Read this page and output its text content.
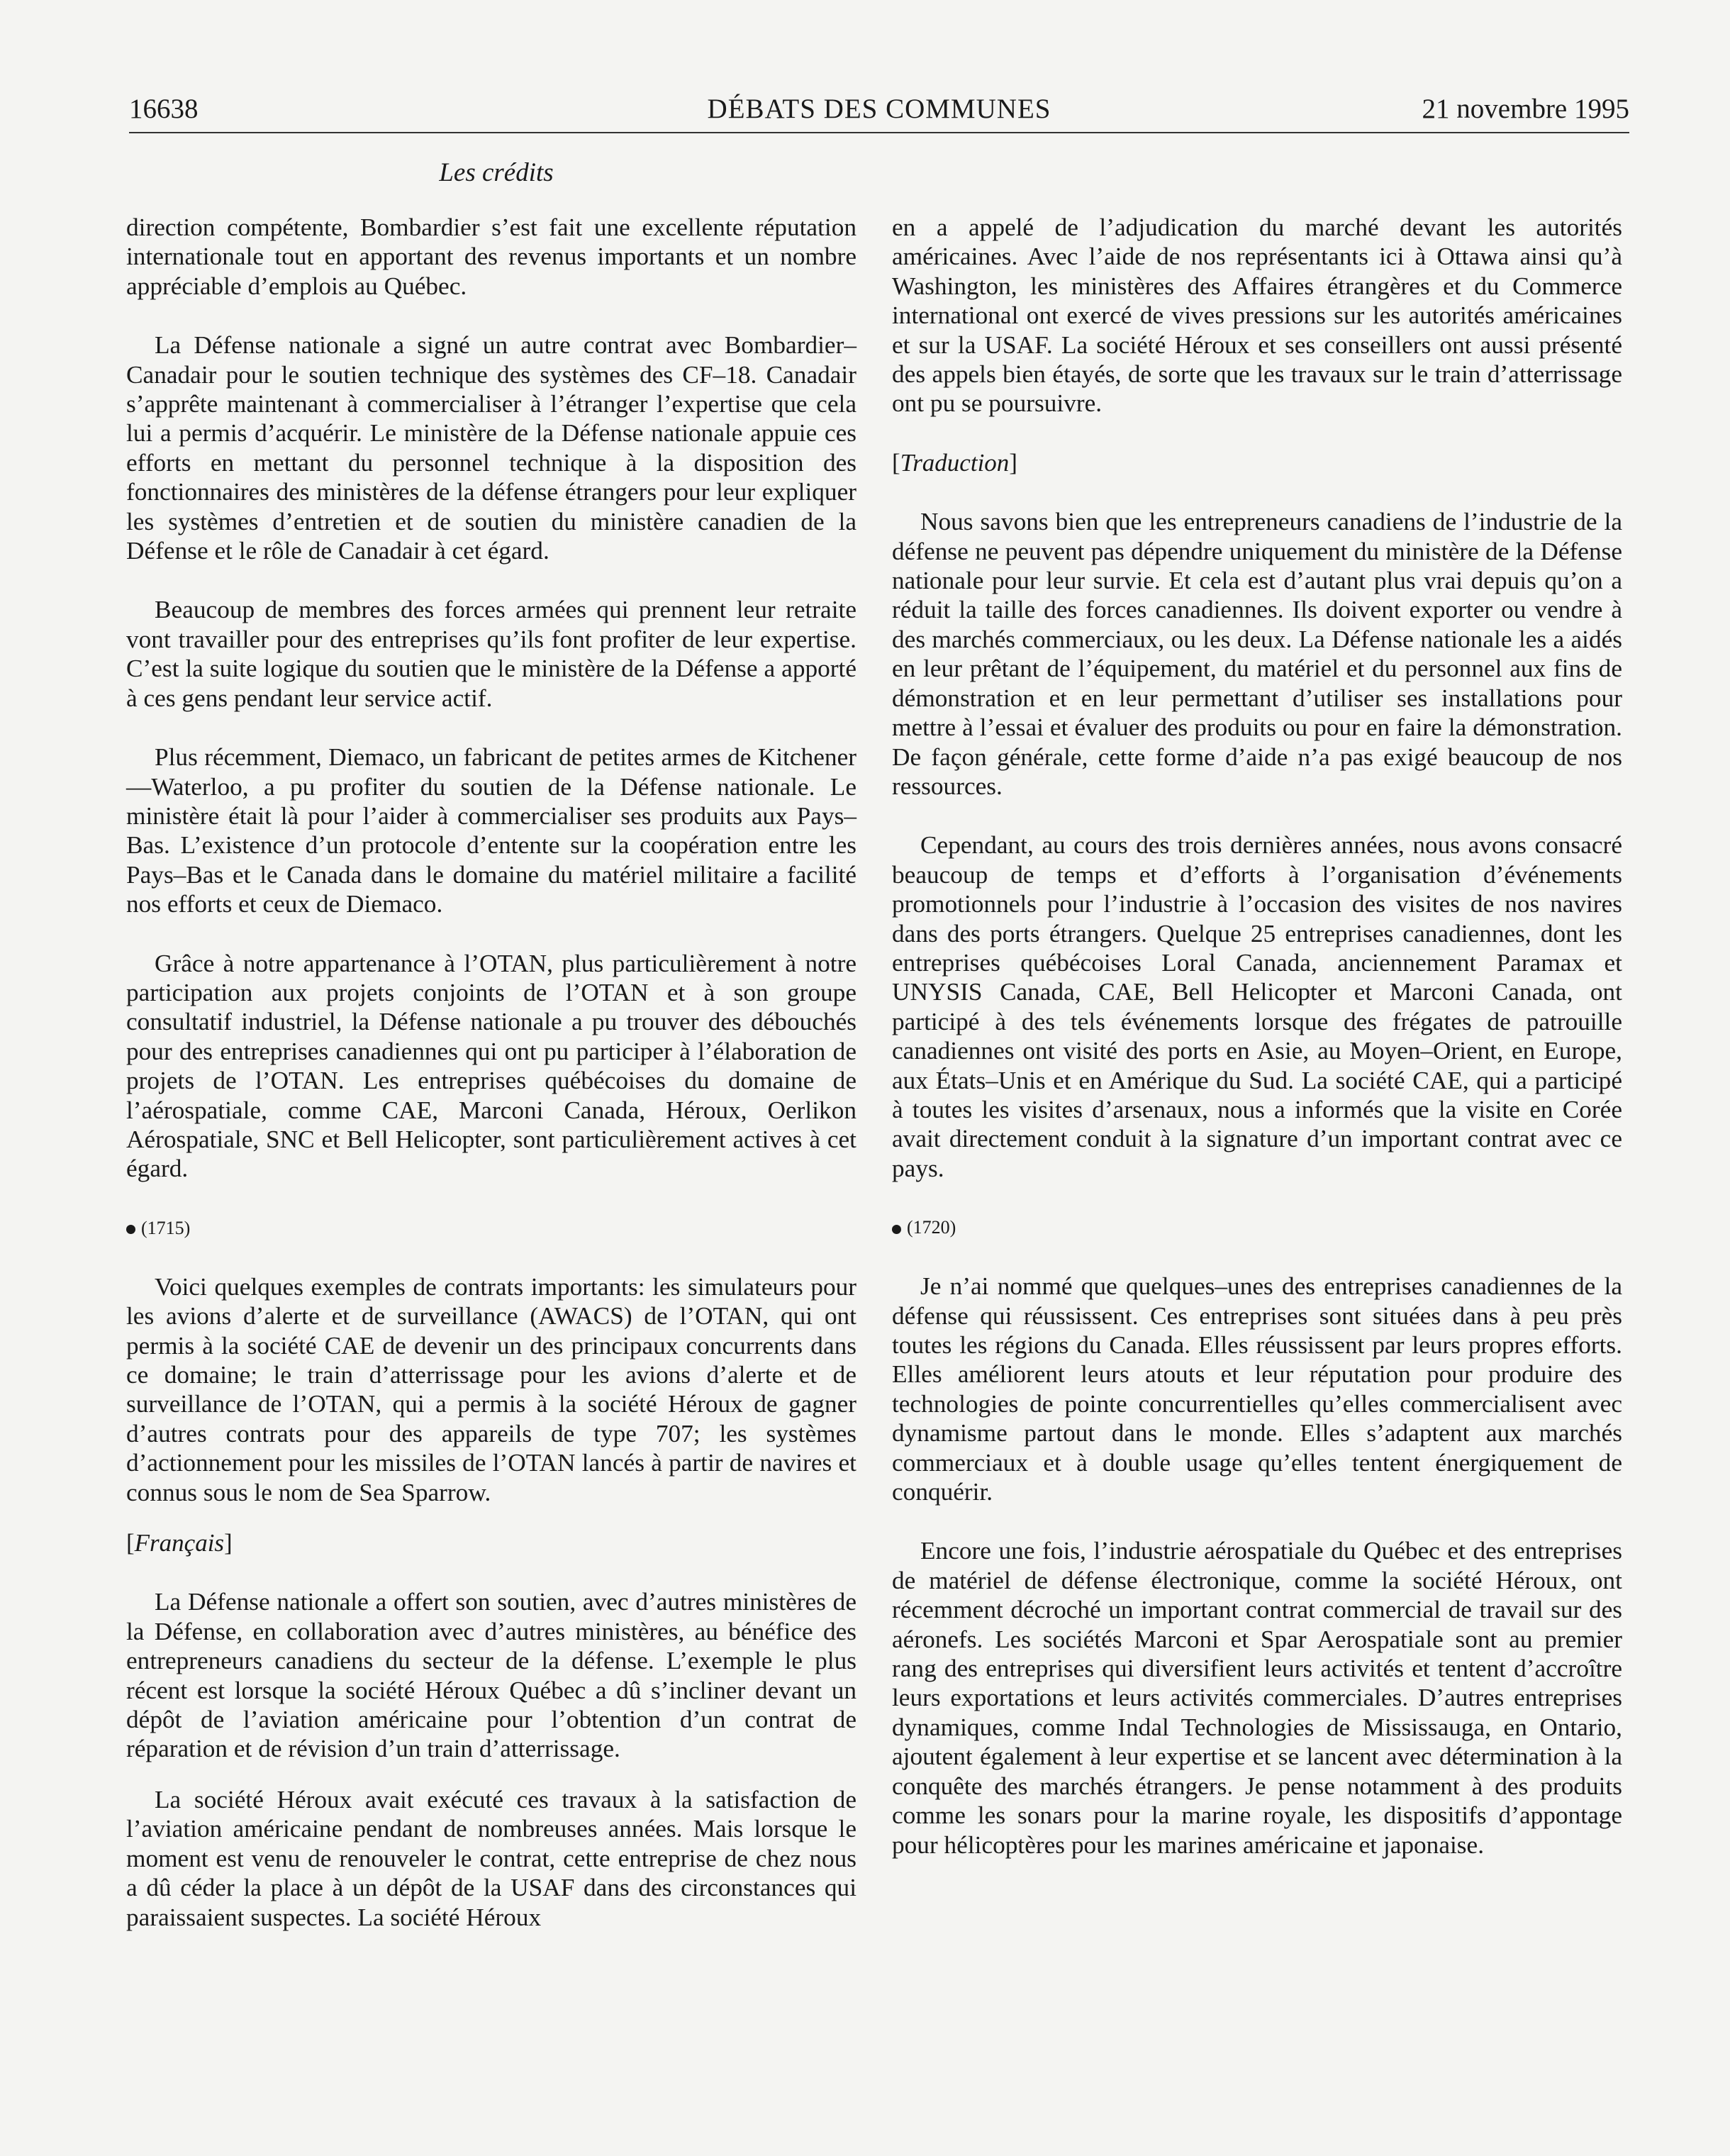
16638	DÉBATS DES COMMUNES	21 novembre 1995
Les crédits

direction compétente, Bombardier s’est fait une excellente réputation internationale tout en apportant des revenus importants et un nombre appréciable d’emplois au Québec.

La Défense nationale a signé un autre contrat avec Bombardier–Canadair pour le soutien technique des systèmes des CF–18. Canadair s’apprête maintenant à commercialiser à l’étranger l’expertise que cela lui a permis d’acquérir. Le ministère de la Défense nationale appuie ces efforts en mettant du personnel technique à la disposition des fonctionnaires des ministères de la défense étrangers pour leur expliquer les systèmes d’entretien et de soutien du ministère canadien de la Défense et le rôle de Canadair à cet égard.

Beaucoup de membres des forces armées qui prennent leur retraite vont travailler pour des entreprises qu’ils font profiter de leur expertise. C’est la suite logique du soutien que le ministère de la Défense a apporté à ces gens pendant leur service actif.

Plus récemment, Diemaco, un fabricant de petites armes de Kitchener—Waterloo, a pu profiter du soutien de la Défense nationale. Le ministère était là pour l’aider à commercialiser ses produits aux Pays–Bas. L’existence d’un protocole d’entente sur la coopération entre les Pays–Bas et le Canada dans le domaine du matériel militaire a facilité nos efforts et ceux de Diemaco.

Grâce à notre appartenance à l’OTAN, plus particulièrement à notre participation aux projets conjoints de l’OTAN et à son groupe consultatif industriel, la Défense nationale a pu trouver des débouchés pour des entreprises canadiennes qui ont pu participer à l’élaboration de projets de l’OTAN. Les entreprises québécoises du domaine de l’aérospatiale, comme CAE, Marconi Canada, Héroux, Oerlikon Aérospatiale, SNC et Bell Helicopter, sont particulièrement actives à cet égard.

(1715)

Voici quelques exemples de contrats importants: les simulateurs pour les avions d’alerte et de surveillance (AWACS) de l’OTAN, qui ont permis à la société CAE de devenir un des principaux concurrents dans ce domaine; le train d’atterrissage pour les avions d’alerte et de surveillance de l’OTAN, qui a permis à la société Héroux de gagner d’autres contrats pour des appareils de type 707; les systèmes d’actionnement pour les missiles de l’OTAN lancés à partir de navires et connus sous le nom de Sea Sparrow.

[Français]

La Défense nationale a offert son soutien, avec d’autres ministères de la Défense, en collaboration avec d’autres ministères, au bénéfice des entrepreneurs canadiens du secteur de la défense. L’exemple le plus récent est lorsque la société Héroux Québec a dû s’incliner devant un dépôt de l’aviation américaine pour l’obtention d’un contrat de réparation et de révision d’un train d’atterrissage.

La société Héroux avait exécuté ces travaux à la satisfaction de l’aviation américaine pendant de nombreuses années. Mais lorsque le moment est venu de renouveler le contrat, cette entreprise de chez nous a dû céder la place à un dépôt de la USAF dans des circonstances qui paraissaient suspectes. La société Héroux

en a appelé de l’adjudication du marché devant les autorités américaines. Avec l’aide de nos représentants ici à Ottawa ainsi qu’à Washington, les ministères des Affaires étrangères et du Commerce international ont exercé de vives pressions sur les autorités américaines et sur la USAF. La société Héroux et ses conseillers ont aussi présenté des appels bien étayés, de sorte que les travaux sur le train d’atterrissage ont pu se poursuivre.

[Traduction]

Nous savons bien que les entrepreneurs canadiens de l’industrie de la défense ne peuvent pas dépendre uniquement du ministère de la Défense nationale pour leur survie. Et cela est d’autant plus vrai depuis qu’on a réduit la taille des forces canadiennes. Ils doivent exporter ou vendre à des marchés commerciaux, ou les deux. La Défense nationale les a aidés en leur prêtant de l’équipement, du matériel et du personnel aux fins de démonstration et en leur permettant d’utiliser ses installations pour mettre à l’essai et évaluer des produits ou pour en faire la démonstration. De façon générale, cette forme d’aide n’a pas exigé beaucoup de nos ressources.

Cependant, au cours des trois dernières années, nous avons consacré beaucoup de temps et d’efforts à l’organisation d’événements promotionnels pour l’industrie à l’occasion des visites de nos navires dans des ports étrangers. Quelque 25 entreprises canadiennes, dont les entreprises québécoises Loral Canada, anciennement Paramax et UNYSIS Canada, CAE, Bell Helicopter et Marconi Canada, ont participé à des tels événements lorsque des frégates de patrouille canadiennes ont visité des ports en Asie, au Moyen–Orient, en Europe, aux États–Unis et en Amérique du Sud. La société CAE, qui a participé à toutes les visites d’arsenaux, nous a informés que la visite en Corée avait directement conduit à la signature d’un important contrat avec ce pays.

(1720)

Je n’ai nommé que quelques–unes des entreprises canadiennes de la défense qui réussissent. Ces entreprises sont situées dans à peu près toutes les régions du Canada. Elles réussissent par leurs propres efforts. Elles améliorent leurs atouts et leur réputation pour produire des technologies de pointe concurrentielles qu’elles commercialisent avec dynamisme partout dans le monde. Elles s’adaptent aux marchés commerciaux et à double usage qu’elles tentent énergiquement de conquérir.

Encore une fois, l’industrie aérospatiale du Québec et des entreprises de matériel de défense électronique, comme la société Héroux, ont récemment décroché un important contrat commercial de travail sur des aéronefs. Les sociétés Marconi et Spar Aerospatiale sont au premier rang des entreprises qui diversifient leurs activités et tentent d’accroître leurs exportations et leurs activités commerciales. D’autres entreprises dynamiques, comme Indal Technologies de Mississauga, en Ontario, ajoutent également à leur expertise et se lancent avec détermination à la conquête des marchés étrangers. Je pense notamment à des produits comme les sonars pour la marine royale, les dispositifs d’appontage pour hélicoptères pour les marines américaine et japonaise.
